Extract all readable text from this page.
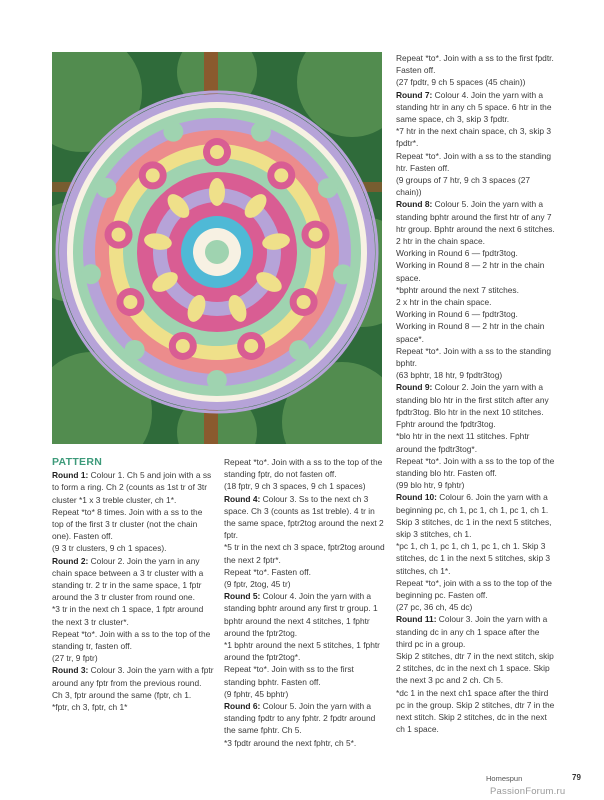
PATTERN

Round 1: Colour 1. Ch 5 and join with a ss to form a ring. Ch 2 (counts as 1st tr of 3tr cluster *1 x 3 treble cluster, ch 1*.

Repeat *to* 8 times. Join with a ss to the top of the first 3 tr cluster (not the chain one). Fasten off.

(9 3 tr clusters, 9 ch 1 spaces).

Round 2: Colour 2. Join the yarn in any chain space between a 3 tr cluster with a standing tr. 2 tr in the same space, 1 fptr around the 3 tr cluster from round one.

*3 tr in the next ch 1 space, 1 fptr around the next 3 tr cluster*.

Repeat *to*. Join with a ss to the top of the standing tr, fasten off.

(27 tr, 9 fptr)

Round 3: Colour 3. Join the yarn with a fptr around any fptr from the previous round. Ch 3, fptr around the same (fptr, ch 1.

*fptr, ch 3, fptr, ch 1*

Repeat *to*. Join with a ss to the top of the standing fptr, do not fasten off.

(18 fptr, 9 ch 3 spaces, 9 ch 1 spaces)

Round 4: Colour 3. Ss to the next ch 3 space. Ch 3 (counts as 1st treble). 4 tr in the same space, fptr2tog around the next 2 fptr.

*5 tr in the next ch 3 space, fptr2tog around the next 2 fptr*.

Repeat *to*. Fasten off.

(9 fptr, 2tog, 45 tr)

Round 5: Colour 4. Join the yarn with a standing bphtr around any first tr group. 1 bphtr around the next 4 stitches, 1 fphtr around the fptr2tog.

*1 bphtr around the next 5 stitches, 1 fphtr around the fptr2tog*.

Repeat *to*. Join with ss to the first standing bphtr. Fasten off.

(9 fphtr, 45 bphtr)

Round 6: Colour 5. Join the yarn with a standing fpdtr to any fphtr. 2 fpdtr around the same fphtr. Ch 5.

*3 fpdtr around the next fphtr, ch 5*.

Repeat *to*. Join with a ss to the first fpdtr. Fasten off.

(27 fpdtr, 9 ch 5 spaces (45 chain))

Round 7: Colour 4. Join the yarn with a standing htr in any ch 5 space. 6 htr in the same space, ch 3, skip 3 fpdtr.

*7 htr in the next chain space, ch 3, skip 3 fpdtr*.

Repeat *to*. Join with a ss to the standing htr. Fasten off.

(9 groups of 7 htr, 9 ch 3 spaces (27 chain))

Round 8: Colour 5. Join the yarn with a standing bphtr around the first htr of any 7 htr group. Bphtr around the next 6 stitches. 2 htr in the chain space.

Working in Round 6 — fpdtr3tog.

Working in Round 8 — 2 htr in the chain space.

*bphtr around the next 7 stitches.

2 x htr in the chain space.

Working in Round 6 — fpdtr3tog.

Working in Round 8 — 2 htr in the chain space*.

Repeat *to*. Join with a ss to the standing bphtr.

(63 bphtr, 18 htr, 9 fpdtr3tog)

Round 9: Colour 2. Join the yarn with a standing blo htr in the first stitch after any fpdtr3tog. Blo htr in the next 10 stitches. Fphtr around the fpdtr3tog.

*blo htr in the next 11 stitches. Fphtr around the fpdtr3tog*.

Repeat *to*. Join with a ss to the top of the standing blo htr. Fasten off.

(99 blo htr, 9 fphtr)

Round 10: Colour 6. Join the yarn with a beginning pc, ch 1, pc 1, ch 1, pc 1, ch 1.

Skip 3 stitches, dc 1 in the next 5 stitches, skip 3 stitches, ch 1.

*pc 1, ch 1, pc 1, ch 1, pc 1, ch 1. Skip 3 stitches, dc 1 in the next 5 stitches, skip 3 stitches, ch 1*.

Repeat *to*, join with a ss to the top of the beginning pc. Fasten off.

(27 pc, 36 ch, 45 dc)

Round 11: Colour 3. Join the yarn with a standing dc in any ch 1 space after the third pc in a group.

Skip 2 stitches, dtr 7 in the next stitch, skip 2 stitches, dc in the next ch 1 space. Skip the next 3 pc and 2 ch. Ch 5.

*dc 1 in the next ch1 space after the third pc in the group. Skip 2 stitches, dtr 7 in the next stitch. Skip 2 stitches, dc in the next ch 1 space.

Homespun	79
PassionForum.ru
